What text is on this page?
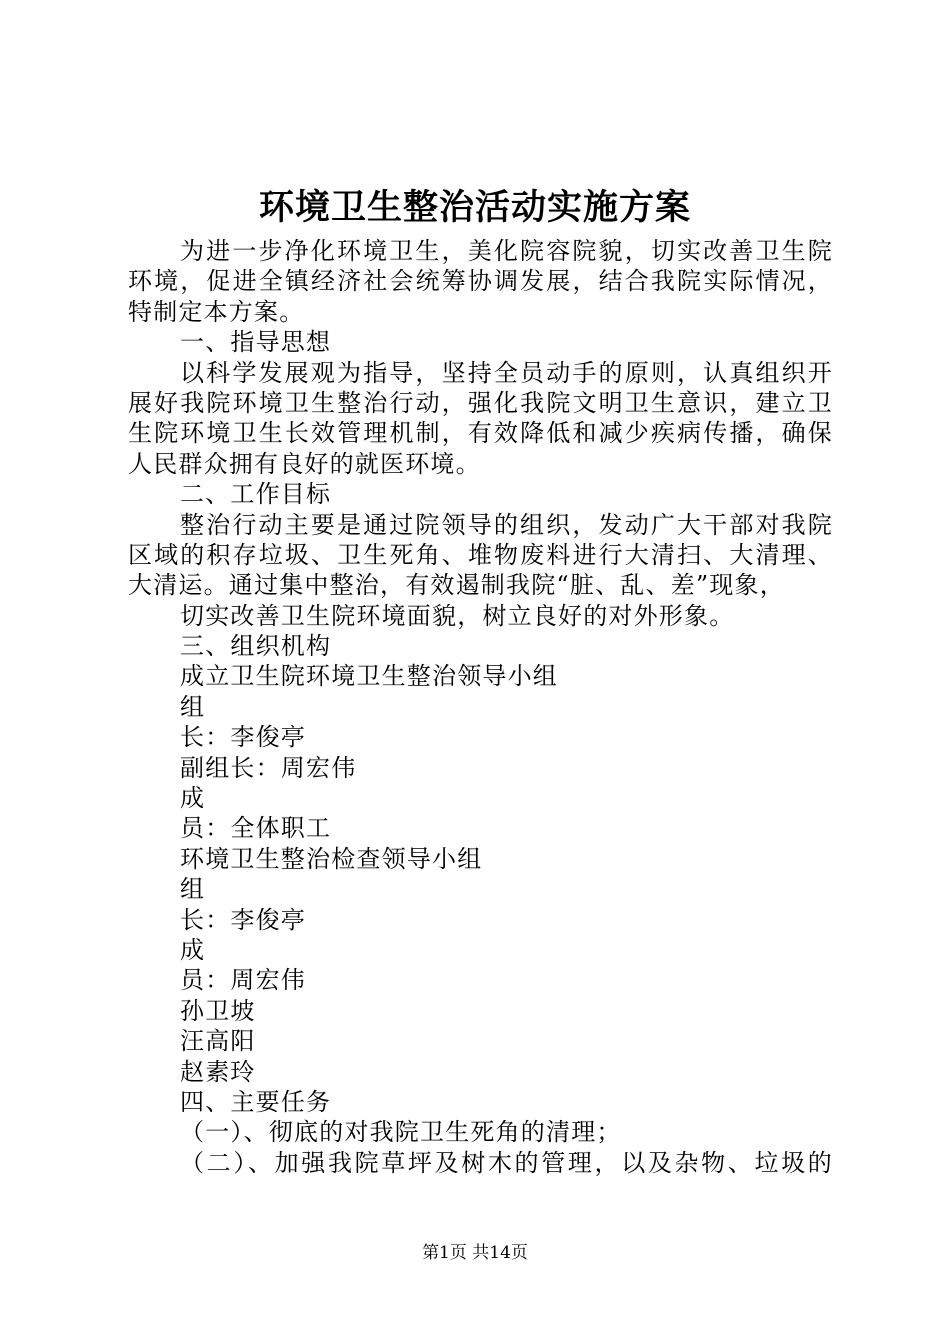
环境卫生整治活动实施方案
为进一步净化环境卫生，美化院容院貌，切实改善卫生院
环境，促进全镇经济社会统筹协调发展，结合我院实际情况，
特制定本方案。
一、指导思想
以科学发展观为指导，坚持全员动手的原则，认真组织开
展好我院环境卫生整治行动，强化我院文明卫生意识，建立卫
生院环境卫生长效管理机制，有效降低和减少疾病传播，确保
人民群众拥有良好的就医环境。
二、工作目标
整治行动主要是通过院领导的组织，发动广大干部对我院
区域的积存垃圾、卫生死角、堆物废料进行大清扫、大清理、
大清运。通过集中整治，有效遏制我院“脏、乱、差”现象，
切实改善卫生院环境面貌，树立良好的对外形象。
三、组织机构
成立卫生院环境卫生整治领导小组
组
长：李俊亭
副组长：周宏伟
成
员：全体职工
环境卫生整治检查领导小组
组
长：李俊亭
成
员：周宏伟
孙卫坡
汪高阳
赵素玲
四、主要任务
（一）、彻底的对我院卫生死角的清理；
（二）、加强我院草坪及树木的管理，以及杂物、垃圾的
第1页 共14页
